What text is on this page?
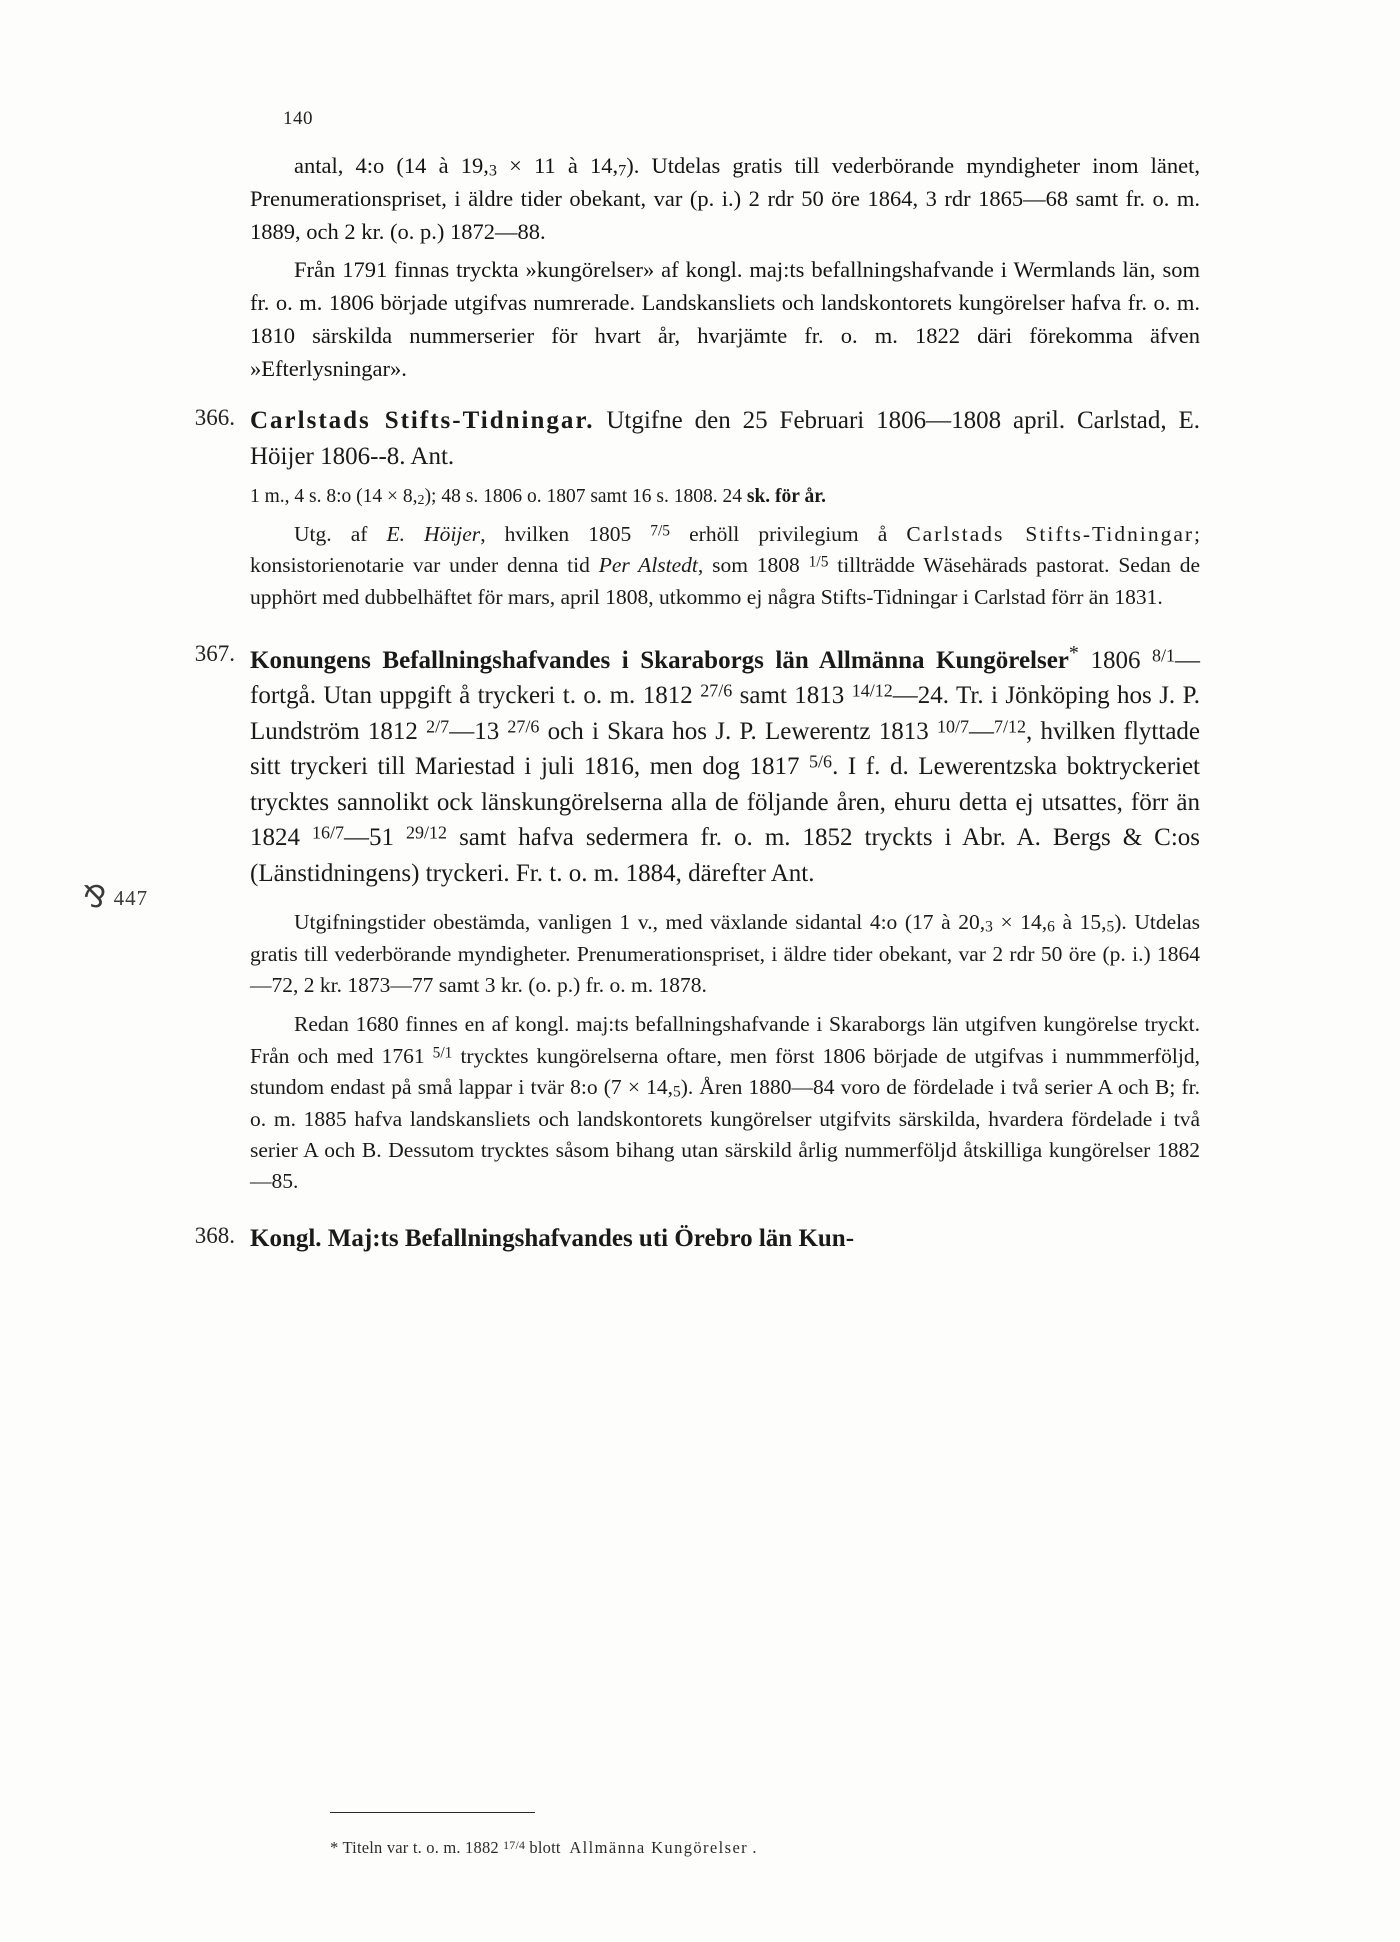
140
⅋ 447

antal, 4:o (14 à 19,3 × 11 à 14,7). Utdelas gratis till vederbörande myndigheter inom länet, Prenumerationspriset, i äldre tider obekant, var (p. i.) 2 rdr 50 öre 1864, 3 rdr 1865—68 samt fr. o. m. 1889, och 2 kr. (o. p.) 1872—88.

Från 1791 finnas tryckta »kungörelser» af kongl. maj:ts befallningshafvande i Wermlands län, som fr. o. m. 1806 började utgifvas numrerade. Landskansliets och landskontorets kungörelser hafva fr. o. m. 1810 särskilda nummerserier för hvart år, hvarjämte fr. o. m. 1822 däri förekomma äfven »Efterlysningar».

366. Carlstads Stifts-Tidningar. Utgifne den 25 Februari 1806—1808 april. Carlstad, E. Höijer 1806--8. Ant.
1 m., 4 s. 8:o (14 × 8,2); 48 s. 1806 o. 1807 samt 16 s. 1808. 24 sk. för år.
Utg. af E. Höijer, hvilken 1805 $^{7/5}$ erhöll privilegium å Carlstads Stifts-Tidningar; konsistorienotarie var under denna tid Per Alstedt, som 1808 $^{1/5}$ tillträdde Wäsehärads pastorat. Sedan de upphört med dubbelhäftet för mars, april 1808, utkommo ej några Stifts-Tidningar i Carlstad förr än 1831.
367. Konungens Befallningshafvandes i Skaraborgs län Allmänna Kungörelser* 1806 $^{8/1}$—fortgå. Utan uppgift å tryckeri t. o. m. 1812 $^{27/6}$ samt 1813 $^{14/12}$—24. Tr. i Jönköping hos J. P. Lundström 1812 $^{2/7}$—13 $^{27/6}$ och i Skara hos J. P. Lewerentz 1813 $^{10/7}$—$^{7/12}$, hvilken flyttade sitt tryckeri till Mariestad i juli 1816, men dog 1817 $^{5/6}$. I f. d. Lewerentzska boktryckeriet trycktes sannolikt ock länskungörelserna alla de följande åren, ehuru detta ej utsattes, förr än 1824 $^{16/7}$—51 $^{29/12}$ samt hafva sedermera fr. o. m. 1852 tryckts i Abr. A. Bergs & C:os (Länstidningens) tryckeri. Fr. t. o. m. 1884, därefter Ant.
Utgifningstider obestämda, vanligen 1 v., med växlande sidantal 4:o (17 à 20,3 × 14,6 à 15,5). Utdelas gratis till vederbörande myndigheter. Prenumerationspriset, i äldre tider obekant, var 2 rdr 50 öre (p. i.) 1864—72, 2 kr. 1873—77 samt 3 kr. (o. p.) fr. o. m. 1878.
Redan 1680 finnes en af kongl. maj:ts befallningshafvande i Skaraborgs län utgifven kungörelse tryckt. Från och med 1761 $^{5/1}$ trycktes kungörelserna oftare, men först 1806 började de utgifvas i nummmerföljd, stundom endast på små lappar i tvär 8:o (7 × 14,5). Åren 1880—84 voro de fördelade i två serier A och B; fr. o. m. 1885 hafva landskansliets och landskontorets kungörelser utgifvits särskilda, hvardera fördelade i två serier A och B. Dessutom trycktes såsom bihang utan särskild årlig nummerföljd åtskilliga kungörelser 1882—85.
368. Kongl. Maj:ts Befallningshafvandes uti Örebro län Kun-
* Titeln var t. o. m. 1882 $^{17/4}$ blott  Allmänna Kungörelser .
